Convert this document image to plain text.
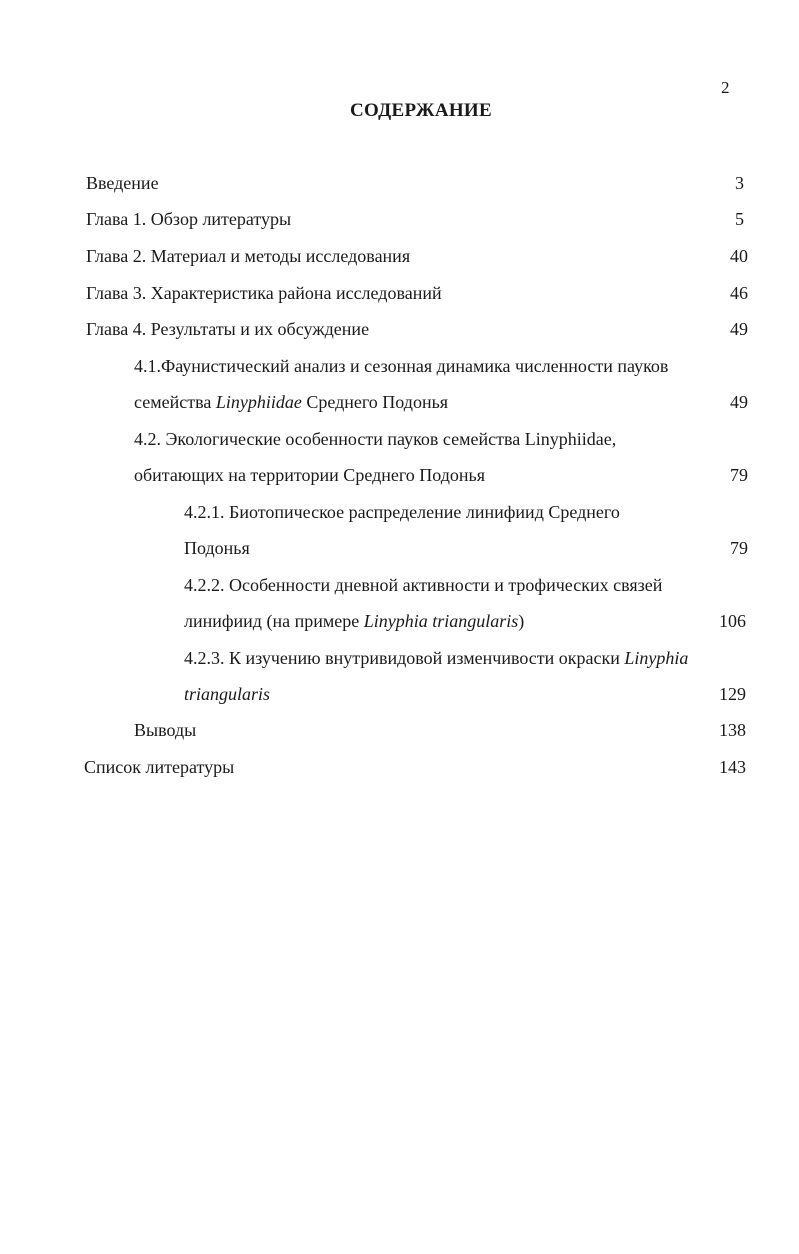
2
СОДЕРЖАНИЕ
Введение	3
Глава 1. Обзор литературы	5
Глава 2. Материал и методы исследования	40
Глава 3. Характеристика района исследований	46
Глава 4. Результаты и их обсуждение	49
4.1.Фаунистический анализ и сезонная динамика численности пауков
семейства Linyphiidae Среднего Подонья	49
4.2. Экологические особенности пауков семейства Linyphiidae,
обитающих на территории Среднего Подонья	79
4.2.1. Биотопическое распределение линифиид Среднего
Подонья	79
4.2.2. Особенности дневной активности и трофических связей
линифиид (на примере Linyphia triangularis)	106
4.2.3. К изучению внутривидовой изменчивости окраски Linyphia
triangularis	129
Выводы	138
Список литературы	143
